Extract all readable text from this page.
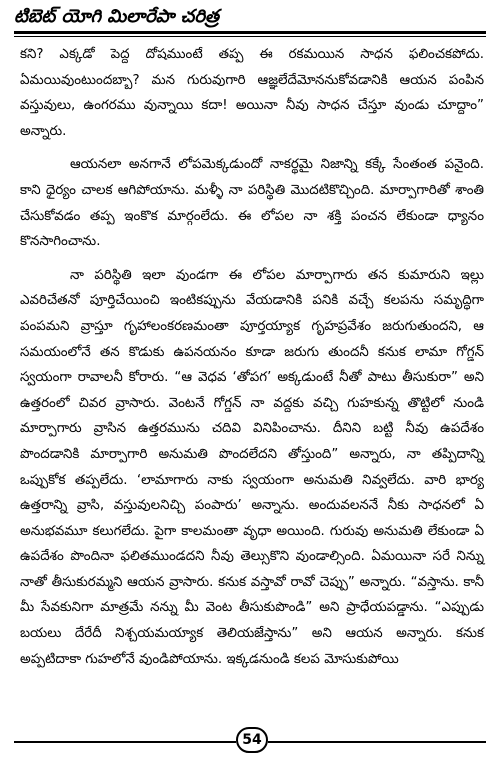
టిబెట్ యోగి మిలారేపా చరిత్ర

కని? ఎక్కడో పెద్ద దోషముంటే తప్ప ఈ రకమయిన సాధన ఫలించకపోదు. ఏమయివుంటుందబ్బా? మన గురువుగారి ఆజ్ఞలేదేమోననుకోవడానికి ఆయన పంపిన వస్తువులు, ఉంగరము వున్నాయి కదా! అయినా నీవు సాధన చేస్తూ వుండు చూద్దాం” అన్నారు.

ఆయనలా అనగానే లోపమెక్కడుందో నాకర్థమై నిజాన్ని కక్కే సేంతంత పనైంది. కాని ధైర్యం చాలక ఆగిపోయాను. మళ్ళీ నా పరిస్థితి మొదటికొచ్చింది. మార్పాగారితో శాంతి చేసుకోవడం తప్ప ఇంకొక మార్గంలేదు. ఈ లోపల నా శక్తి పంచన లేకుండా ధ్యానం కొనసాగించాను.

నా పరిస్థితి ఇలా వుండగా ఈ లోపల మార్పాగారు తన కుమారుని ఇల్లు ఎవరిచేతనో పూర్తిచేయించి ఇంటికప్పును వేయడానికి పనికి వచ్చే కలపను సమృద్ధిగా పంపమని వ్రాస్తూ గృహాలంకరణమంతా పూర్తయ్యాక గృహప్రవేశం జరుగుతుందని, ఆ సమయంలోనే తన కొడుకు ఉపనయనం కూడా జరుగు తుందనీ కనుక లామా గోగ్డన్ స్వయంగా రావాలనీ కోరారు. “ఆ వెధవ ‘తోపగ’ అక్కడుంటే నీతో పాటు తీసుకురా” అని ఉత్తరంలో చివర వ్రాసారు. వెంటనే గోగ్డన్ నా వద్దకు వచ్చి గుహకున్న తొట్టిలో నుండి మార్పాగారు వ్రాసిన ఉత్తరమును చదివి వినిపించాను. దీనిని బట్టి నీవు ఉపదేశం పొందడానికి మార్పాగారి అనుమతి పొందలేదని తోస్తుంది” అన్నారు, నా తప్పిదాన్ని ఒప్పుకోక తప్పలేదు. ‘లామాగారు నాకు స్వయంగా అనుమతి నివ్వలేదు. వారి భార్య ఉత్తరాన్ని వ్రాసి, వస్తువులనిచ్చి పంపారు’ అన్నాను. అందువలననే నీకు సాధనలో ఏ అనుభవమూ కలుగలేదు. పైగా కాలమంతా వృధా అయింది. గురువు అనుమతి లేకుండా ఏ ఉపదేశం పొందినా ఫలితముండదని నీవు తెల్సుకొని వుండాల్సింది. ఏమయినా సరే నిన్ను నాతో తీసుకురమ్మని ఆయన వ్రాసారు. కనుక వస్తావో రావో చెప్పు” అన్నారు. “వస్తాను. కానీ మీ సేవకునిగా మాత్రమే నన్ను మీ వెంట తీసుకుపొండి” అని ప్రాధేయపడ్డాను. “ఎప్పుడు బయలు దేరేదీ నిశ్చయమయ్యాక తెలియజేస్తాను” అని ఆయన అన్నారు. కనుక అప్పటిదాకా గుహలోనే వుండిపోయాను. ఇక్కడనుండి కలప మోసుకుపోయి

54
